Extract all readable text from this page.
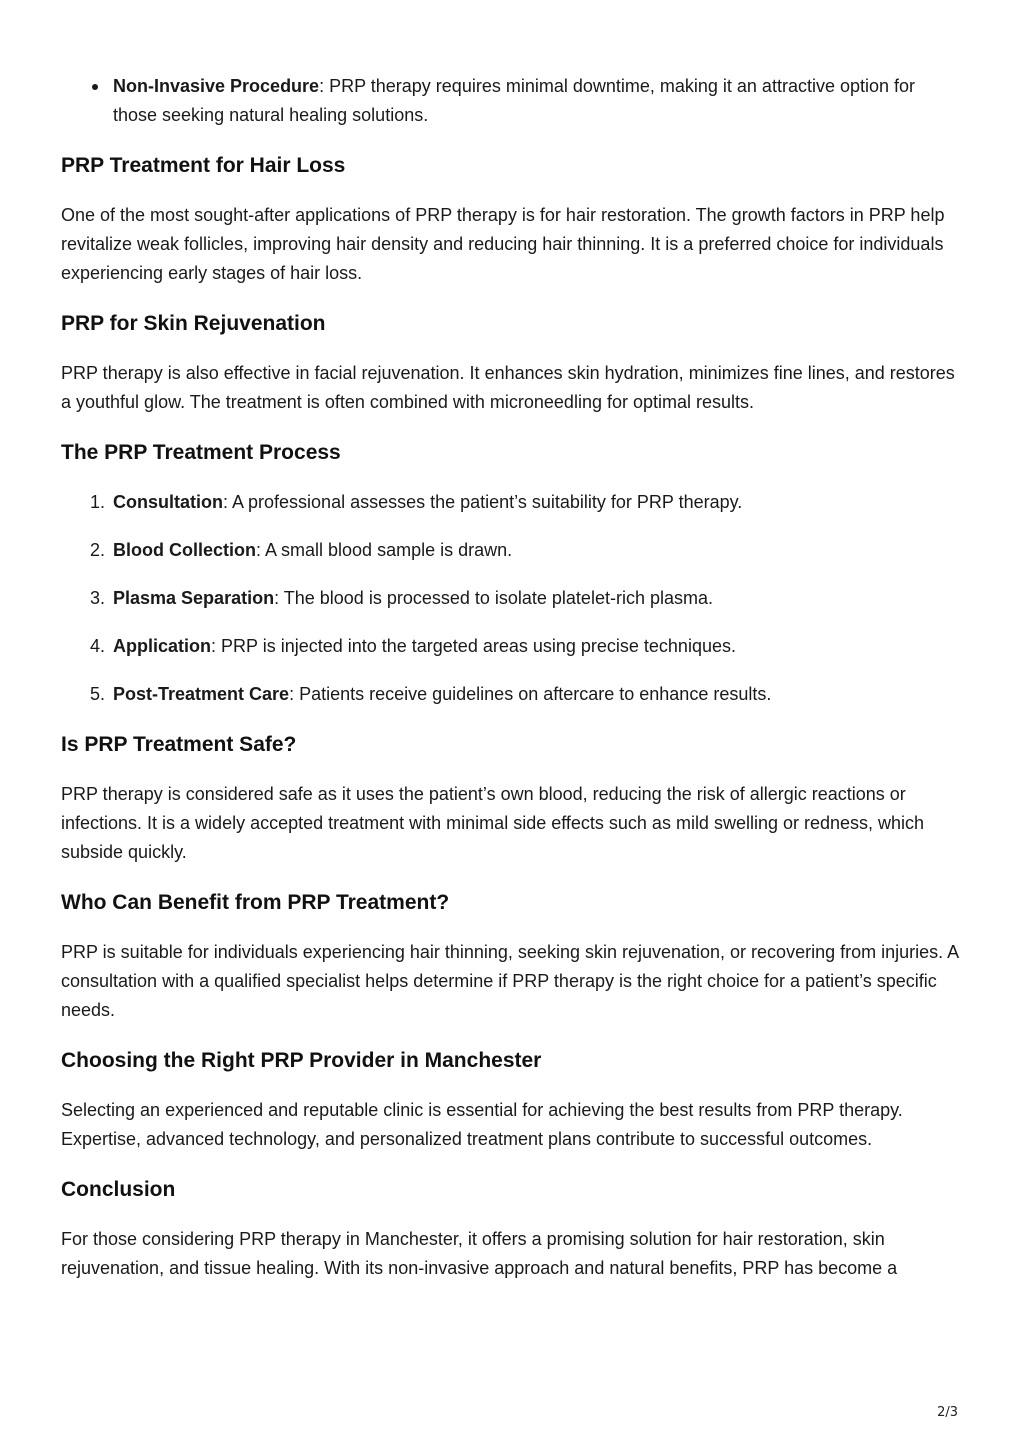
Non-Invasive Procedure: PRP therapy requires minimal downtime, making it an attractive option for those seeking natural healing solutions.
PRP Treatment for Hair Loss

One of the most sought-after applications of PRP therapy is for hair restoration. The growth factors in PRP help revitalize weak follicles, improving hair density and reducing hair thinning. It is a preferred choice for individuals experiencing early stages of hair loss.

PRP for Skin Rejuvenation

PRP therapy is also effective in facial rejuvenation. It enhances skin hydration, minimizes fine lines, and restores a youthful glow. The treatment is often combined with microneedling for optimal results.

The PRP Treatment Process
1. Consultation: A professional assesses the patient’s suitability for PRP therapy.
2. Blood Collection: A small blood sample is drawn.
3. Plasma Separation: The blood is processed to isolate platelet-rich plasma.
4. Application: PRP is injected into the targeted areas using precise techniques.
5. Post-Treatment Care: Patients receive guidelines on aftercare to enhance results.
Is PRP Treatment Safe?

PRP therapy is considered safe as it uses the patient’s own blood, reducing the risk of allergic reactions or infections. It is a widely accepted treatment with minimal side effects such as mild swelling or redness, which subside quickly.

Who Can Benefit from PRP Treatment?

PRP is suitable for individuals experiencing hair thinning, seeking skin rejuvenation, or recovering from injuries. A consultation with a qualified specialist helps determine if PRP therapy is the right choice for a patient’s specific needs.

Choosing the Right PRP Provider in Manchester

Selecting an experienced and reputable clinic is essential for achieving the best results from PRP therapy. Expertise, advanced technology, and personalized treatment plans contribute to successful outcomes.

Conclusion

For those considering PRP therapy in Manchester, it offers a promising solution for hair restoration, skin rejuvenation, and tissue healing. With its non-invasive approach and natural benefits, PRP has become a

2/3
